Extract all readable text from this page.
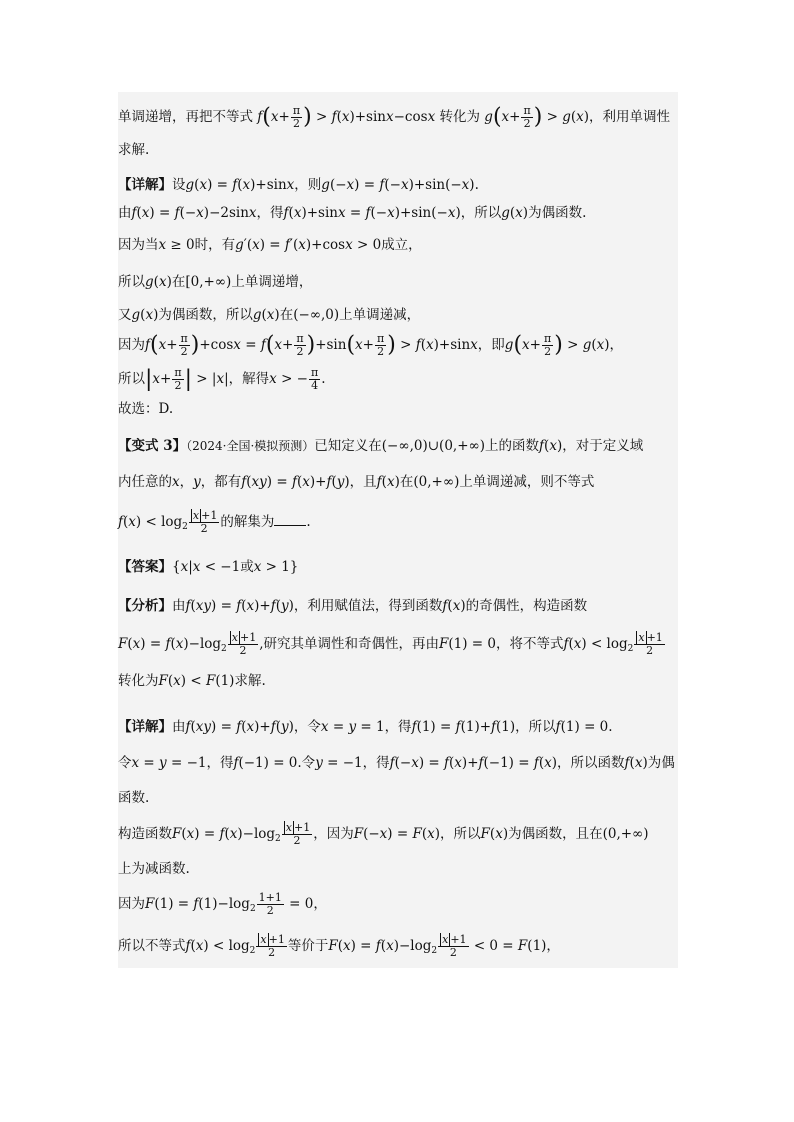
单调递增，再把不等式 $f(x+ \frac{\pi}{2}$ ) > f(x)+sinx−cosx 转化为 $g(x+ \frac{\pi}{2}$ ) > g(x)，利用单调性
求解.
【详解】设g(x) = f(x)+sinx，则g(−x) = f(−x)+sin(−x).
由f(x) = f(−x)−2sinx，得f(x)+sinx = f(−x)+sin(−x)，所以g(x)为偶函数.
因为当x ≥ 0时，有g′(x) = f′(x)+cosx > 0成立，
所以g(x)在[0,+∞)上单调递增，
又g(x)为偶函数，所以g(x)在(−∞,0)上单调递减，
因为$f(x+ \frac{\pi}{2} )+\cos x = f(x+ \frac{\pi}{2} )+\sin(x+ \frac{\pi}{2}$ ) > f(x)+sinx，即$g(x+ \frac{\pi}{2}$ ) > g(x)，
所以$|x+ \frac{\pi}{2}$ | > |x|，解得x > − $\frac{\pi}{4}$ .
故选：D.
【变式 3】（2024·全国·模拟预测）已知定义在(−∞,0)∪(0,+∞)上的函数f(x)，对于定义域
内任意的x，y，都有f(xy) = f(x)+f(y)，且f(x)在(0,+∞)上单调递减，则不等式
$f(x) < \log_2 \frac{x +1}{2}$ 的解集为 .
【答案】{x|x < −1或x > 1}
【分析】由f(xy) = f(x)+f(y)，利用赋值法，得到函数f(x)的奇偶性，构造函数
$F(x) = f(x)-\log_2 \frac{x +1}{2}$ ,研究其单调性和奇偶性，再由F(1) = 0，将不等式$f(x) < \log_2 \frac{x +1}{2}$
转化为F(x) < F(1)求解.
【详解】由f(xy) = f(x)+f(y)，令x = y = 1，得f(1) = f(1)+f(1)，所以f(1) = 0.
令x = y = −1，得f(−1) = 0.令y = −1，得f(−x) = f(x)+f(−1) = f(x)，所以函数f(x)为偶
函数.
构造函数$F(x) = f(x)-\log_2 \frac{x +1}{2}$ ，因为F(−x) = F(x)，所以F(x)为偶函数，且在(0,+∞)
上为减函数.
因为$F(1) = f(1)-\log_2 \frac{1+1}{2} = 0$，
所以不等式$f(x) < \log_2 \frac{x +1}{2}$ 等价于$F(x) = f(x)-\log_2 \frac{x +1}{2} < 0 = F(1)$，
